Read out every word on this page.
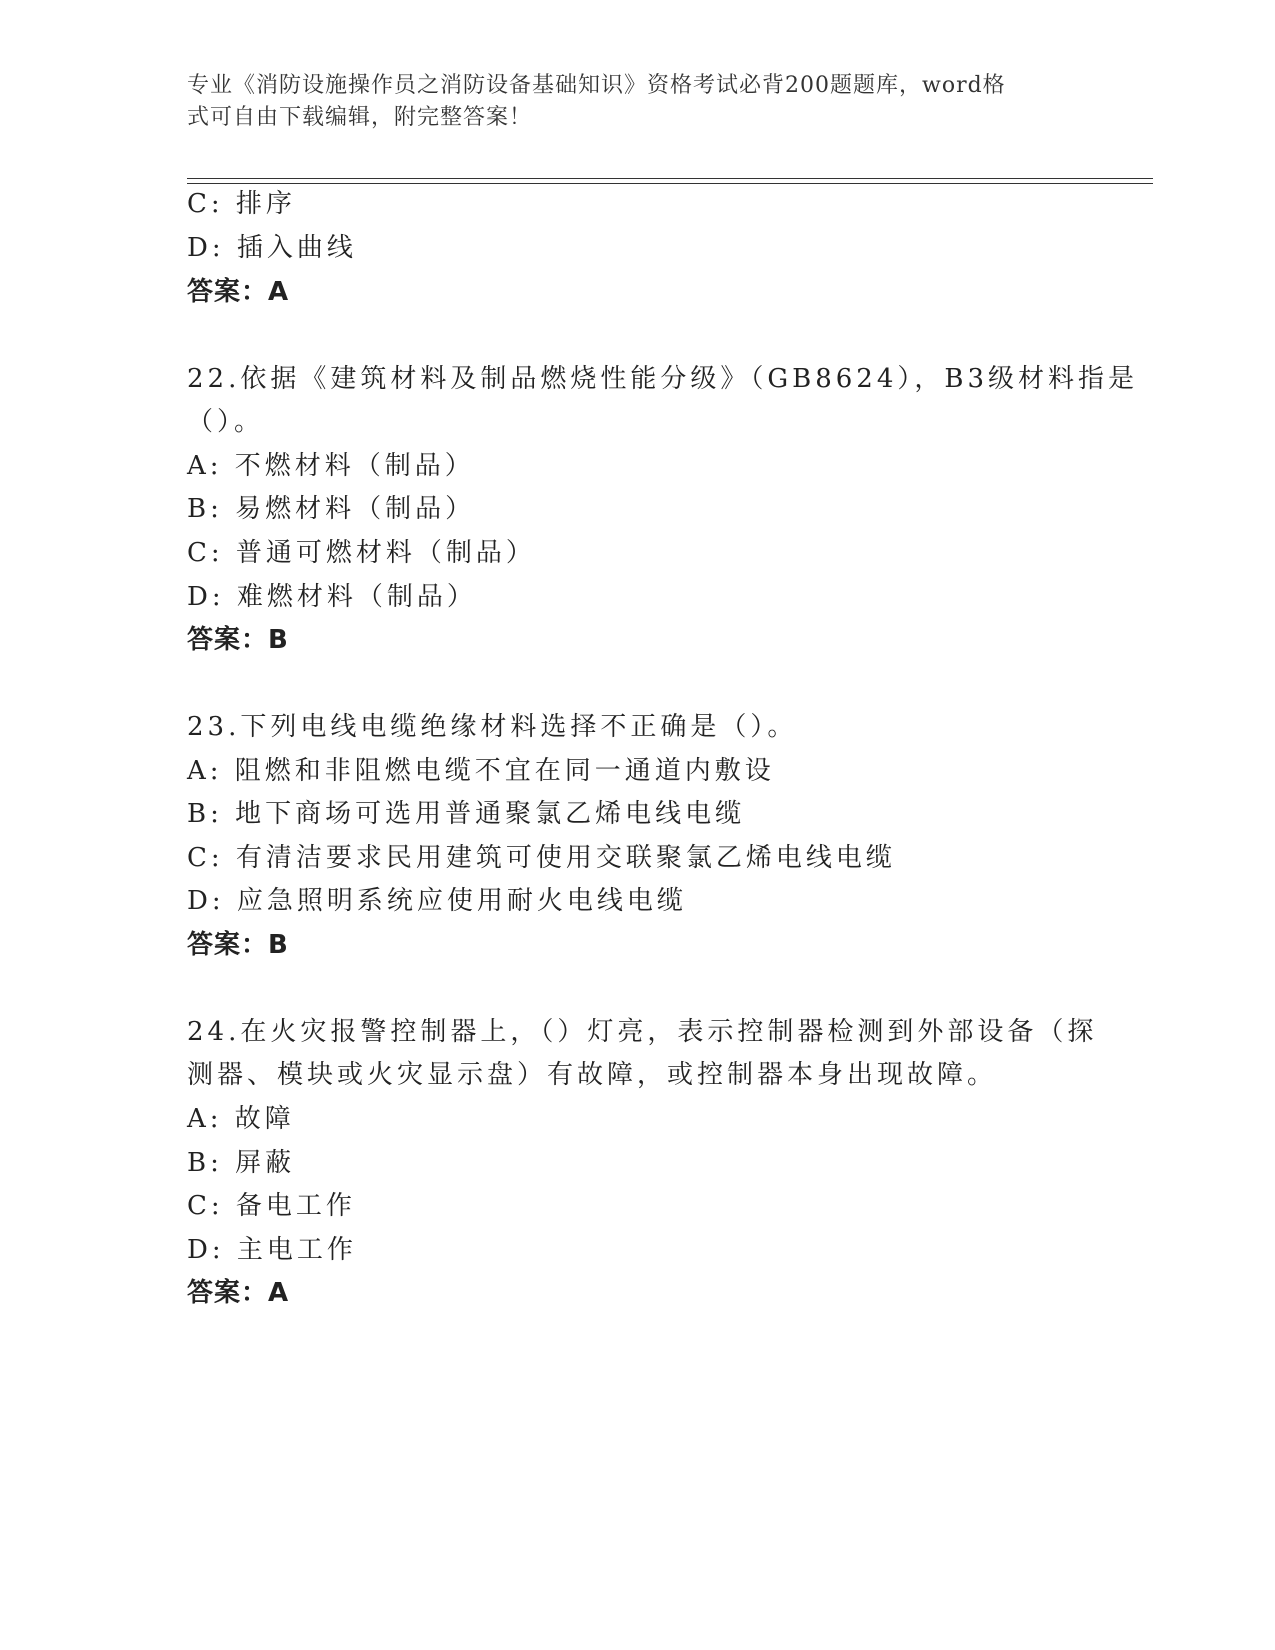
专业《消防设施操作员之消防设备基础知识》资格考试必背200题题库，word格
式可自由下载编辑，附完整答案！
C: 排序
D: 插入曲线
答案：A
22.依据《建筑材料及制品燃烧性能分级》（GB8624），B3级材料指是
（）。
A: 不燃材料（制品）
B: 易燃材料（制品）
C: 普通可燃材料（制品）
D: 难燃材料（制品）
答案：B
23.下列电线电缆绝缘材料选择不正确是（）。
A: 阻燃和非阻燃电缆不宜在同一通道内敷设
B: 地下商场可选用普通聚氯乙烯电线电缆
C: 有清洁要求民用建筑可使用交联聚氯乙烯电线电缆
D: 应急照明系统应使用耐火电线电缆
答案：B
24.在火灾报警控制器上，（）灯亮，表示控制器检测到外部设备（探
测器、模块或火灾显示盘）有故障，或控制器本身出现故障。
A: 故障
B: 屏蔽
C: 备电工作
D: 主电工作
答案：A
